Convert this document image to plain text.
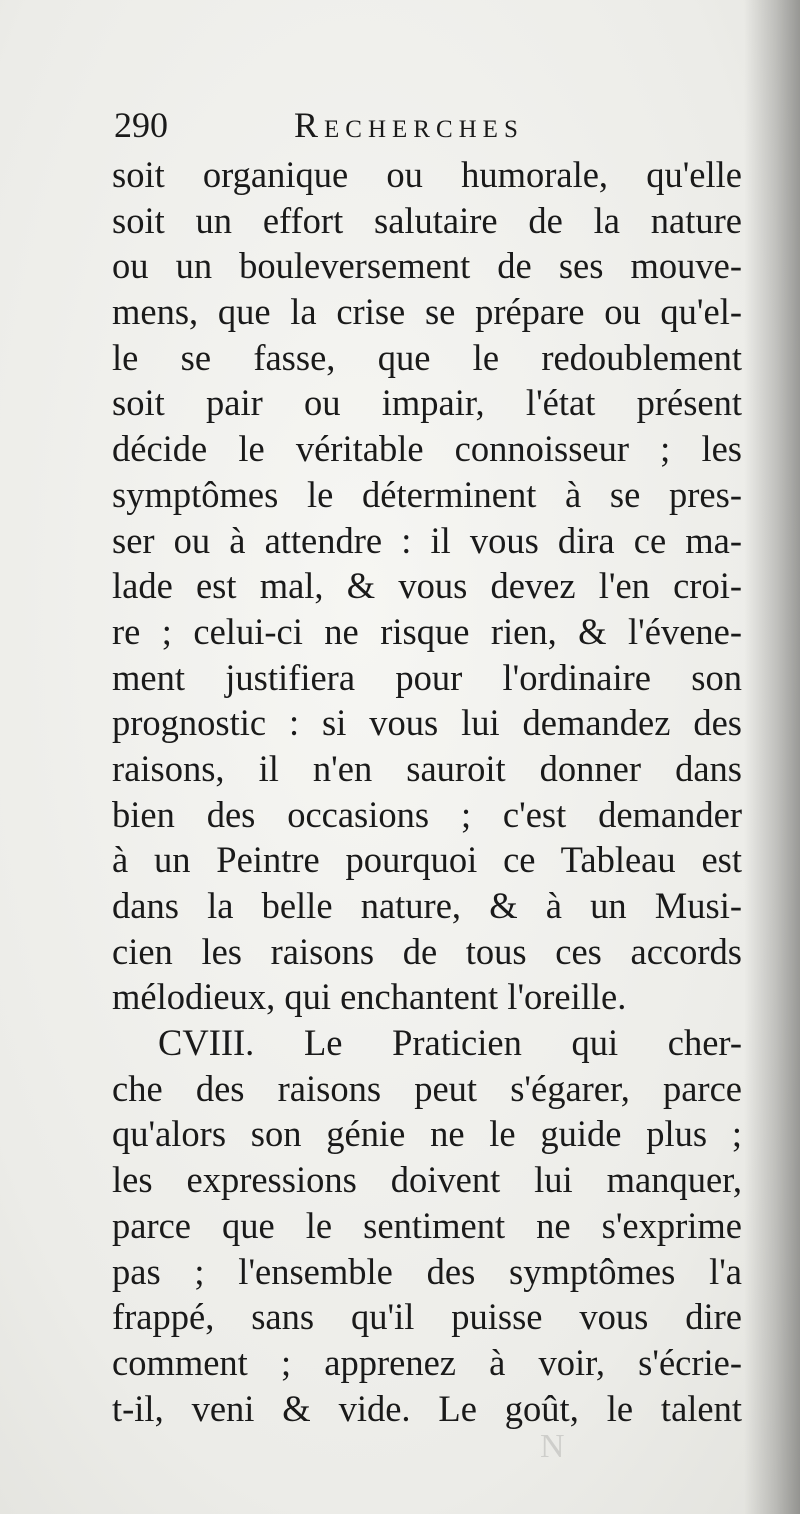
290	Recherches
soit organique ou humorale, qu'elle
soit un effort salutaire de la nature
ou un bouleversement de ses mouve-
mens, que la crise se prépare ou qu'el-
le se fasse, que le redoublement
soit pair ou impair, l'état présent
décide le véritable connoisseur ; les
symptômes le déterminent à se pres-
ser ou à attendre : il vous dira ce ma-
lade est mal, & vous devez l'en croi-
re ; celui-ci ne risque rien, & l'évene-
ment justifiera pour l'ordinaire son
prognostic : si vous lui demandez des
raisons, il n'en sauroit donner dans
bien des occasions ; c'est demander
à un Peintre pourquoi ce Tableau est
dans la belle nature, & à un Musi-
cien les raisons de tous ces accords
mélodieux, qui enchantent l'oreille.
CVIII. Le Praticien qui cher-
che des raisons peut s'égarer, parce
qu'alors son génie ne le guide plus ;
les expressions doivent lui manquer,
parce que le sentiment ne s'exprime
pas ; l'ensemble des symptômes l'a
frappé, sans qu'il puisse vous dire
comment ; apprenez à voir, s'écrie-
t-il, veni & vide. Le goût, le talent
N
